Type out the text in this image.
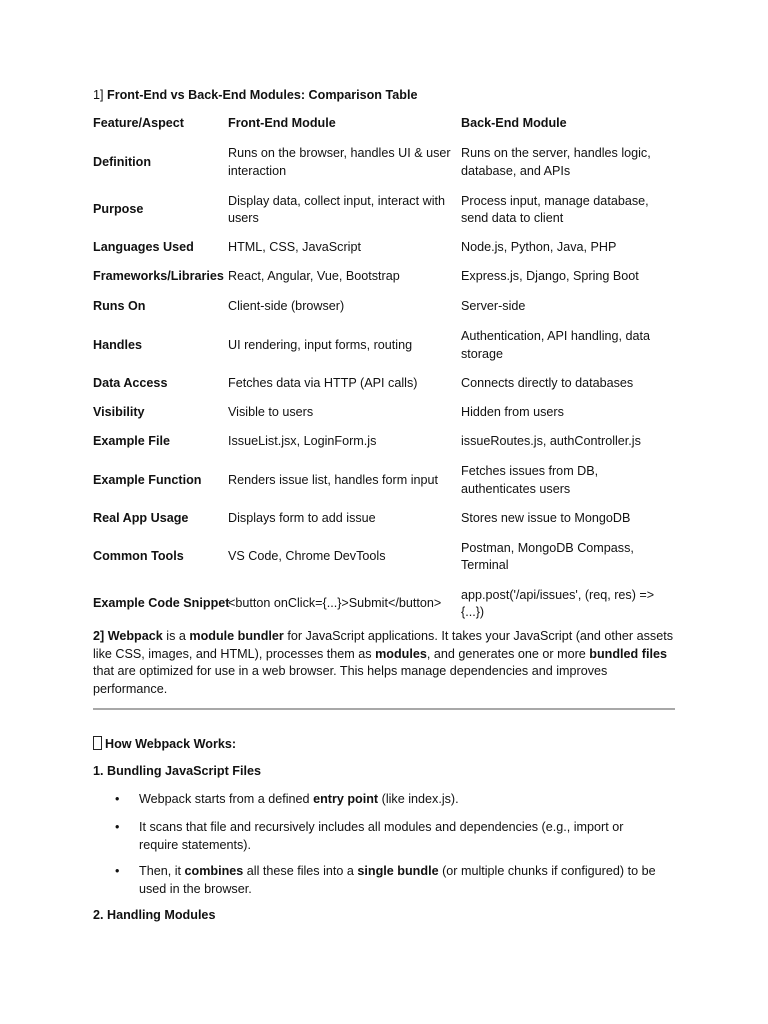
1] Front-End vs Back-End Modules: Comparison Table
Feature/Aspect	Front-End Module	Back-End Module
Definition	Runs on the browser, handles UI & user interaction	Runs on the server, handles logic, database, and APIs
Purpose	Display data, collect input, interact with users	Process input, manage database, send data to client
Languages Used	HTML, CSS, JavaScript	Node.js, Python, Java, PHP
Frameworks/Libraries	React, Angular, Vue, Bootstrap	Express.js, Django, Spring Boot
Runs On	Client-side (browser)	Server-side
Handles	UI rendering, input forms, routing	Authentication, API handling, data storage
Data Access	Fetches data via HTTP (API calls)	Connects directly to databases
Visibility	Visible to users	Hidden from users
Example File	IssueList.jsx, LoginForm.js	issueRoutes.js, authController.js
Example Function	Renders issue list, handles form input	Fetches issues from DB, authenticates users
Real App Usage	Displays form to add issue	Stores new issue to MongoDB
Common Tools	VS Code, Chrome DevTools	Postman, MongoDB Compass, Terminal
Example Code Snippet	<button onClick={...}>Submit</button>	app.post('/api/issues', (req, res) => {...})
2] Webpack is a module bundler for JavaScript applications. It takes your JavaScript (and other assets like CSS, images, and HTML), processes them as modules, and generates one or more bundled files that are optimized for use in a web browser. This helps manage dependencies and improves performance.
How Webpack Works:
1. Bundling JavaScript Files
• Webpack starts from a defined entry point (like index.js).
• It scans that file and recursively includes all modules and dependencies (e.g., import or require statements).
• Then, it combines all these files into a single bundle (or multiple chunks if configured) to be used in the browser.
2. Handling Modules
